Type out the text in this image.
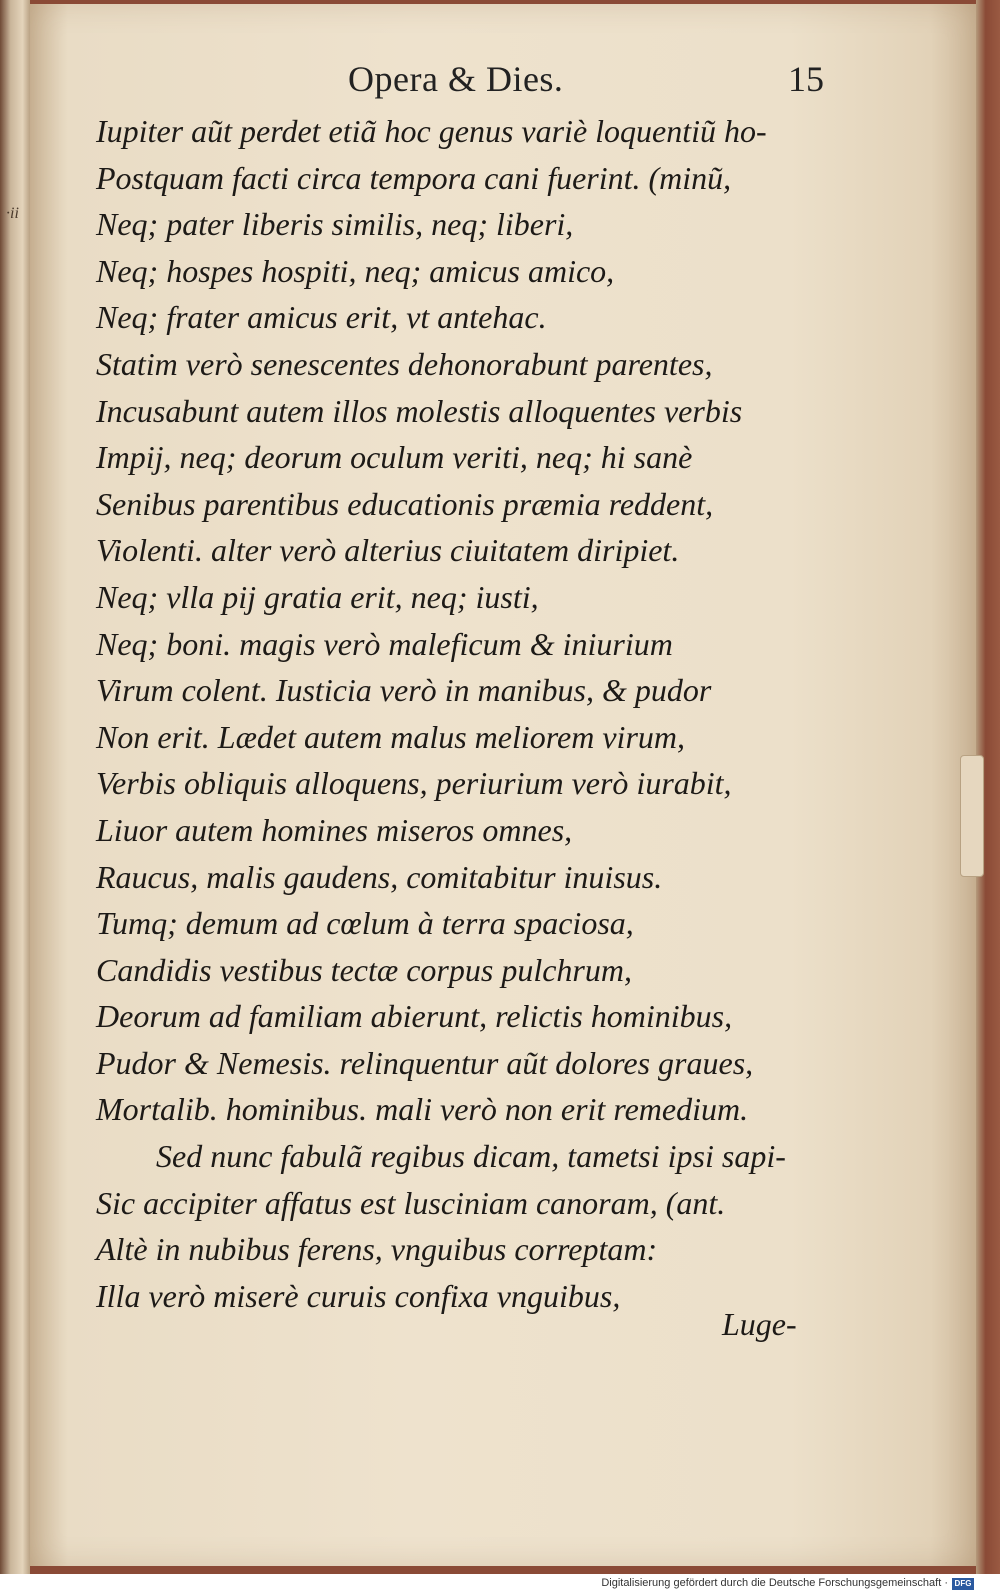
·ii
Opera & Dies.	15
Iupiter aũt perdet etiã hoc genus variè loquentiũ ho-
Postquam facti circa tempora cani fuerint. (minũ,
Neq; pater liberis similis, neq; liberi,
Neq; hospes hospiti, neq; amicus amico,
Neq; frater amicus erit, vt antehac.
Statim verò senescentes dehonorabunt parentes,
Incusabunt autem illos molestis alloquentes verbis
Impij, neq; deorum oculum veriti, neq; hi sanè
Senibus parentibus educationis præmia reddent,
Violenti. alter verò alterius ciuitatem diripiet.
Neq; vlla pij gratia erit, neq; iusti,
Neq; boni. magis verò maleficum & iniurium
Virum colent. Iusticia verò in manibus, & pudor
Non erit. Lædet autem malus meliorem virum,
Verbis obliquis alloquens, periurium verò iurabit,
Liuor autem homines miseros omnes,
Raucus, malis gaudens, comitabitur inuisus.
Tumq; demum ad cœlum à terra spaciosa,
Candidis vestibus tectæ corpus pulchrum,
Deorum ad familiam abierunt, relictis hominibus,
Pudor & Nemesis. relinquentur aũt dolores graues,
Mortalib. hominibus. mali verò non erit remedium.
Sed nunc fabulã regibus dicam, tametsi ipsi sapi-
Sic accipiter affatus est lusciniam canoram, (ant.
Altè in nubibus ferens, vnguibus correptam:
Illa verò miserè curuis confixa vnguibus,
Luge-
Digitalisierung gefördert durch die Deutsche Forschungsgemeinschaft · DFG
